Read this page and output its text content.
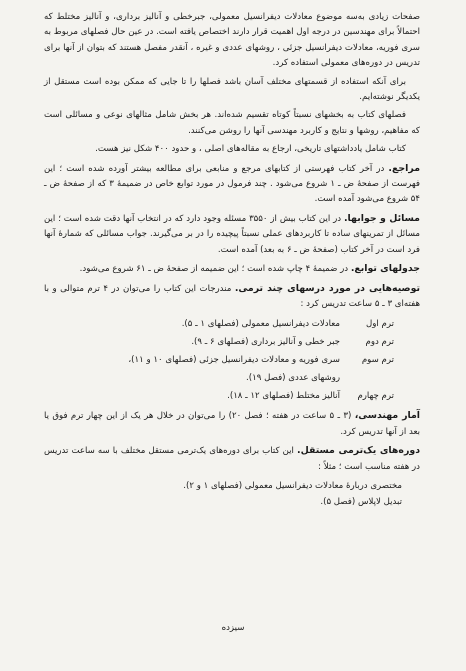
صفحات زیادی به‌سه موضوع معادلات دیفرانسیل معمولی، جبرخطی و آنالیز برداری، و آنالیز مختلط که احتمالاً برای مهندسین در درجه اول اهمیت قرار دارند اختصاص یافته است. در عین حال فصلهای مربوط به سری فوریه، معادلات دیفرانسیل جزئی ، روشهای عددی و غیره ، آنقدر مفصل هستند که بتوان از آنها برای تدریس در دوره‌های معمولی استفاده کرد.

برای آنکه استفاده از قسمتهای مختلف آسان باشد فصلها را تا جایی که ممکن بوده است مستقل از یکدیگر نوشته‌ایم.

فصلهای کتاب به بخشهای نسبتاً کوتاه تقسیم شده‌اند. هر بخش شامل مثالهای نوعی و مسائلی است که مفاهیم، روشها و نتایج و کاربرد مهندسی آنها را روشن می‌کنند.

کتاب شامل یادداشتهای تاریخی، ارجاع به مقاله‌های اصلی ، و حدود ۴۰۰ شکل نیز هست.

مراجع. در آخر کتاب فهرستی از کتابهای مرجع و منابعی برای مطالعه بیشتر آورده شده است ؛ این فهرست از صفحهٔ ض ـ ۱ شروع می‌شود . چند فرمول در مورد توابع خاص در ضمیمهٔ ۳ که از صفحهٔ ض ـ ۵۴ شروع می‌شود آمده است.

مسائل و جوابها. در این کتاب بیش از ۳۵۵۰ مسئله وجود دارد که در انتخاب آنها دقت شده است ؛ این مسائل از تمرینهای ساده تا کاربردهای عملی نسبتاً پیچیده را در بر می‌گیرند. جواب مسائلی که شمارهٔ آنها فرد است در آخر کتاب (صفحهٔ ض ـ ۶ به بعد) آمده است.

جدولهای توابع. در ضمیمهٔ ۴ چاپ شده است ؛ این ضمیمه از صفحهٔ ض ـ ۶۱ شروع می‌شود.

توصیه‌هایی در مورد درسهای چند ترمی. مندرجات این کتاب را می‌توان در ۴ ترم متوالی و با هفته‌ای ۳ ـ ۵ ساعت تدریس کرد :

ترم اول
معادلات دیفرانسیل معمولی (فصلهای ۱ ـ ۵).
ترم دوم
جبر خطی و آنالیز برداری (فصلهای ۶ ـ ۹).
ترم سوم
سری فوریه و معادلات دیفرانسیل جزئی (فصلهای ۱۰ و ۱۱)،
روشهای عددی (فصل ۱۹).
ترم چهارم
آنالیز مختلط (فصلهای ۱۲ ـ ۱۸).

آمار مهندسی، (۳ ـ ۵ ساعت در هفته ؛ فصل ۲۰) را می‌توان در خلال هر یک از این چهار ترم فوق یا بعد از آنها تدریس کرد.

دوره‌های یک‌ترمی مستقل. این کتاب برای دوره‌های یک‌ترمی مستقل مختلف با سه ساعت تدریس در هفته مناسب است ؛ مثلاً :

مختصری دربارهٔ معادلات دیفرانسیل معمولی (فصلهای ۱ و ۲).
تبدیل لاپلاس (فصل ۵).
سیزده
